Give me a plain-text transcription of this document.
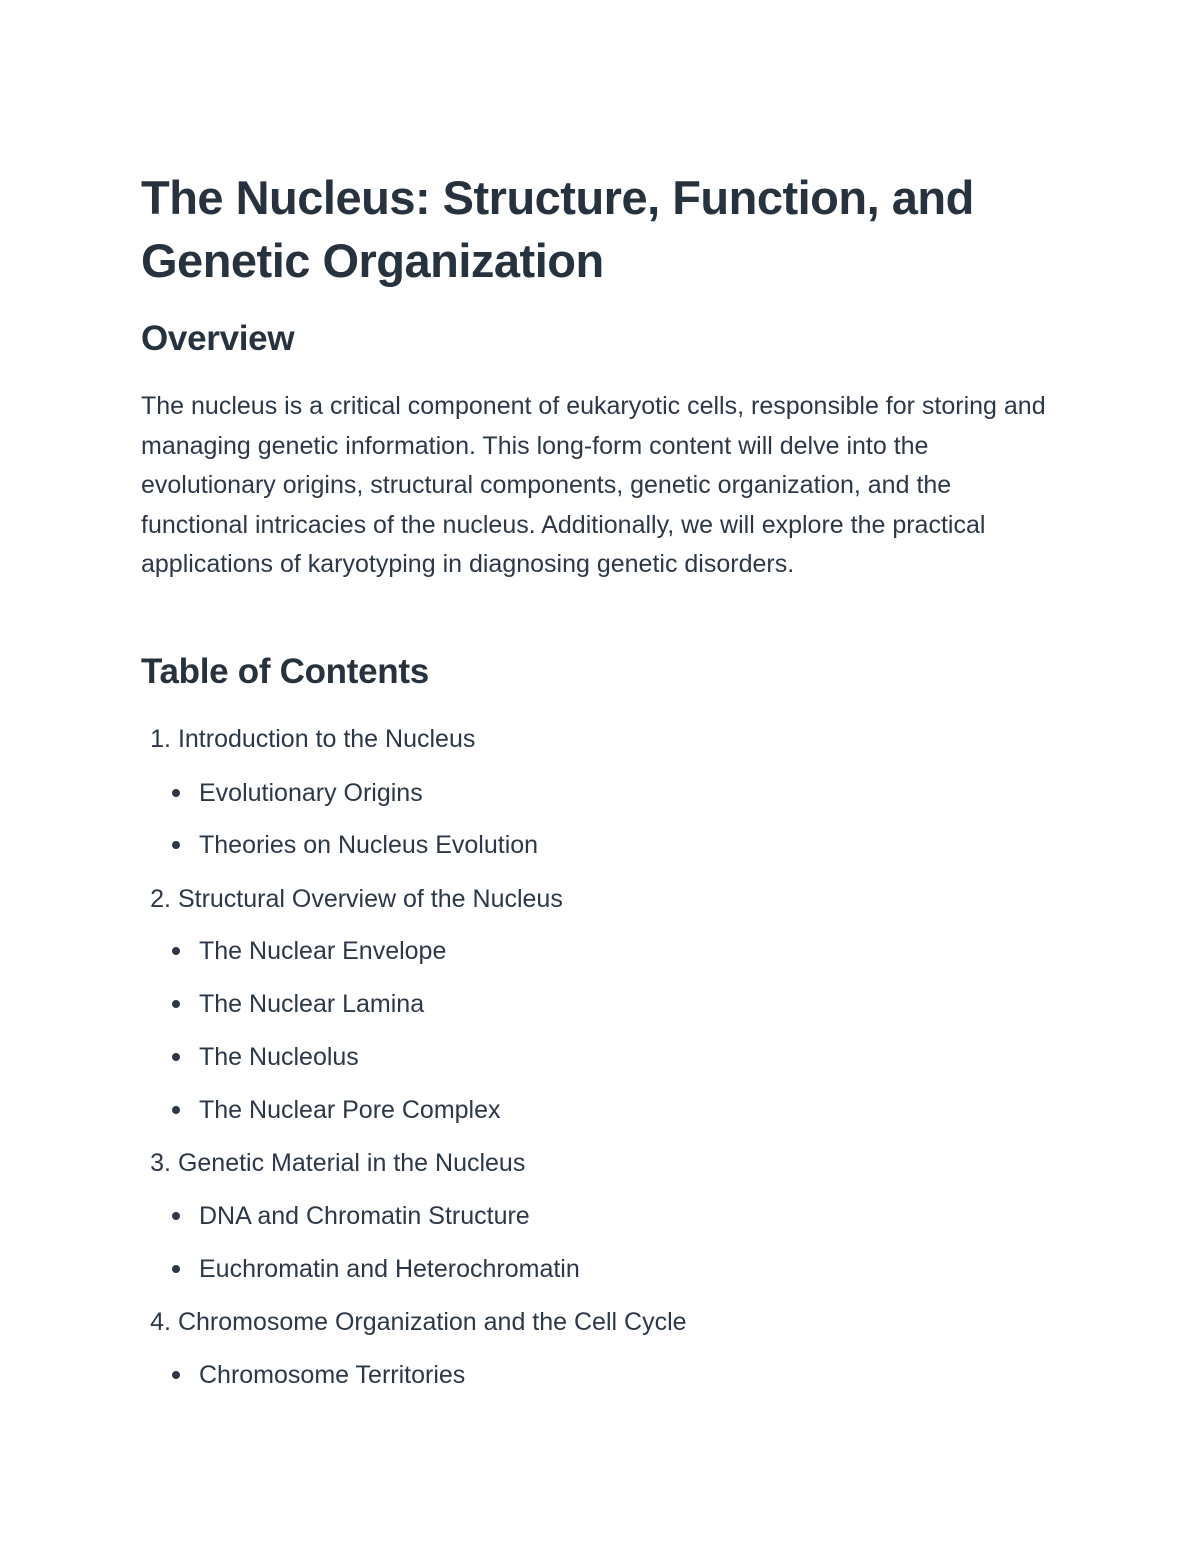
The Nucleus: Structure, Function, and Genetic Organization
Overview

The nucleus is a critical component of eukaryotic cells, responsible for storing and managing genetic information. This long-form content will delve into the evolutionary origins, structural components, genetic organization, and the functional intricacies of the nucleus. Additionally, we will explore the practical applications of karyotyping in diagnosing genetic disorders.

Table of Contents
1. Introduction to the Nucleus
Evolutionary Origins
Theories on Nucleus Evolution
2. Structural Overview of the Nucleus
The Nuclear Envelope
The Nuclear Lamina
The Nucleolus
The Nuclear Pore Complex
3. Genetic Material in the Nucleus
DNA and Chromatin Structure
Euchromatin and Heterochromatin
4. Chromosome Organization and the Cell Cycle
Chromosome Territories
